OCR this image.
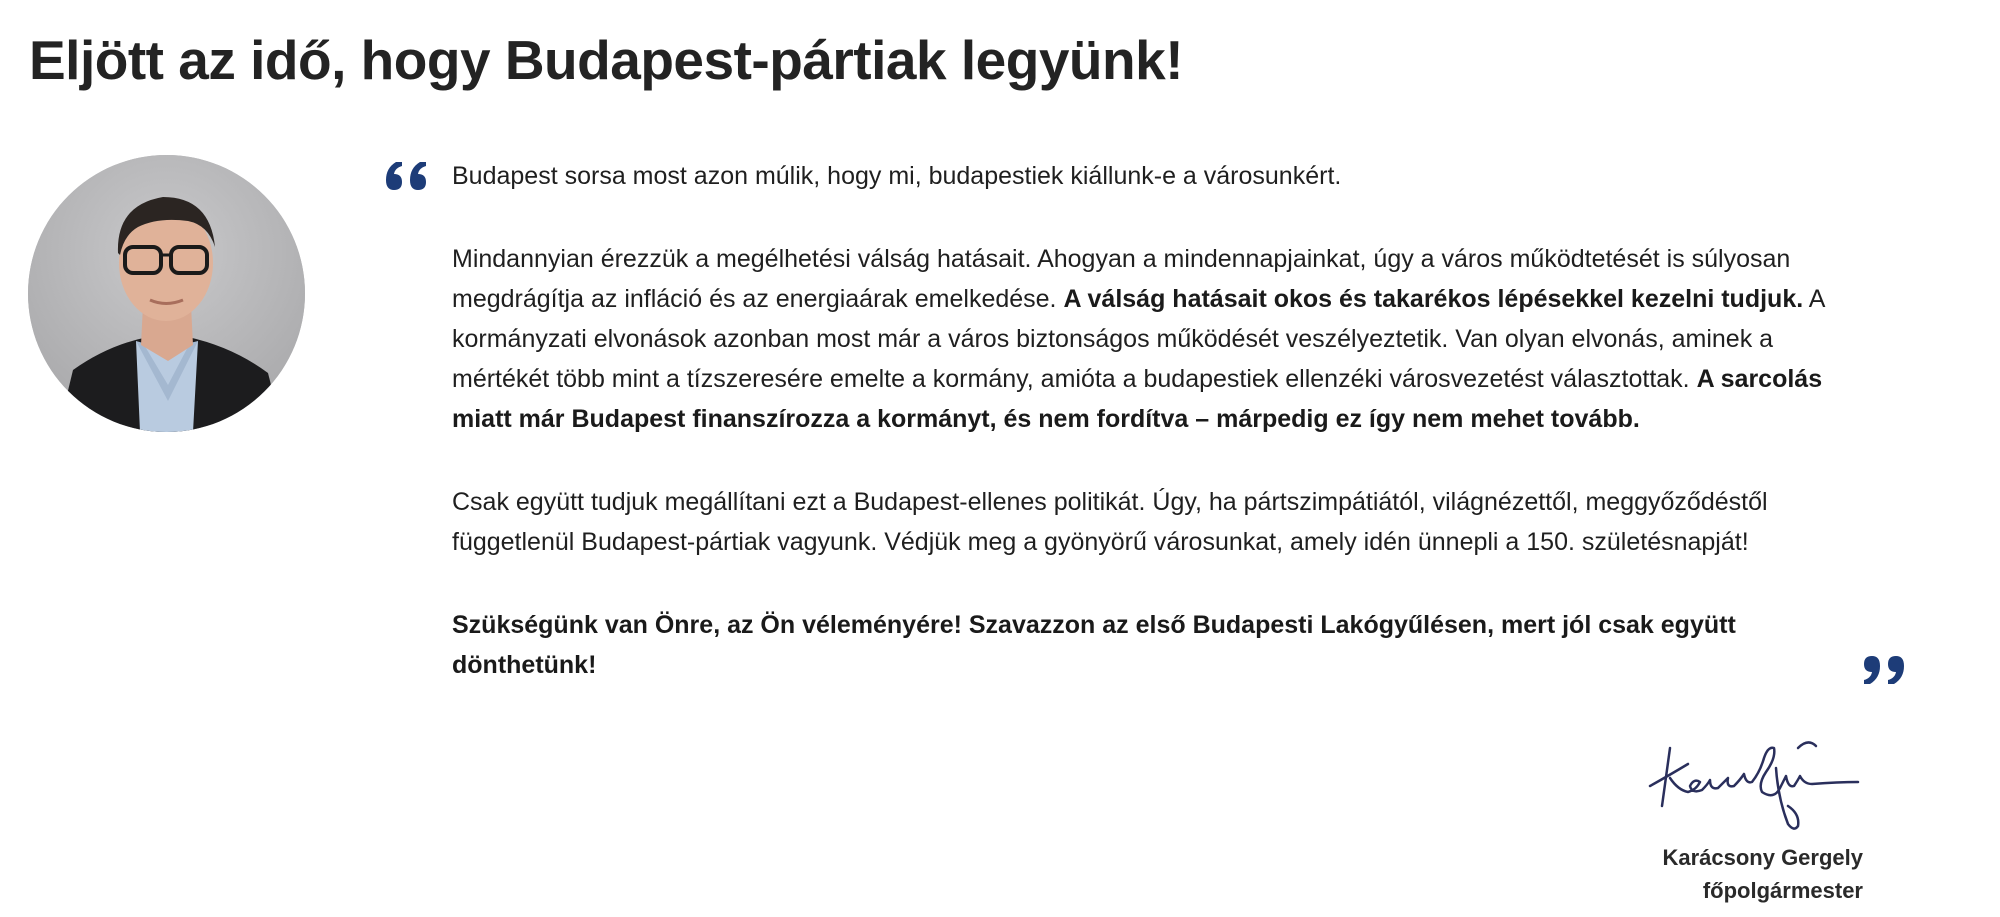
Eljött az idő, hogy Budapest-pártiak legyünk!

Budapest sorsa most azon múlik, hogy mi, budapestiek kiállunk-e a városunkért.

Mindannyian érezzük a megélhetési válság hatásait. Ahogyan a mindennapjainkat, úgy a város működtetését is súlyosan megdrágítja az infláció és az energiaárak emelkedése. A válság hatásait okos és takarékos lépésekkel kezelni tudjuk. A kormányzati elvonások azonban most már a város biztonságos működését veszélyeztetik. Van olyan elvonás, aminek a mértékét több mint a tízszeresére emelte a kormány, amióta a budapestiek ellenzéki városvezetést választottak. A sarcolás miatt már Budapest finanszírozza a kormányt, és nem fordítva – márpedig ez így nem mehet tovább.

Csak együtt tudjuk megállítani ezt a Budapest-ellenes politikát. Úgy, ha pártszimpátiától, világnézettől, meggyőződéstől függetlenül Budapest-pártiak vagyunk. Védjük meg a gyönyörű városunkat, amely idén ünnepli a 150. születésnapját!

Szükségünk van Önre, az Ön véleményére! Szavazzon az első Budapesti Lakógyűlésen, mert jól csak együtt dönthetünk!

Karácsony Gergely
főpolgármester
